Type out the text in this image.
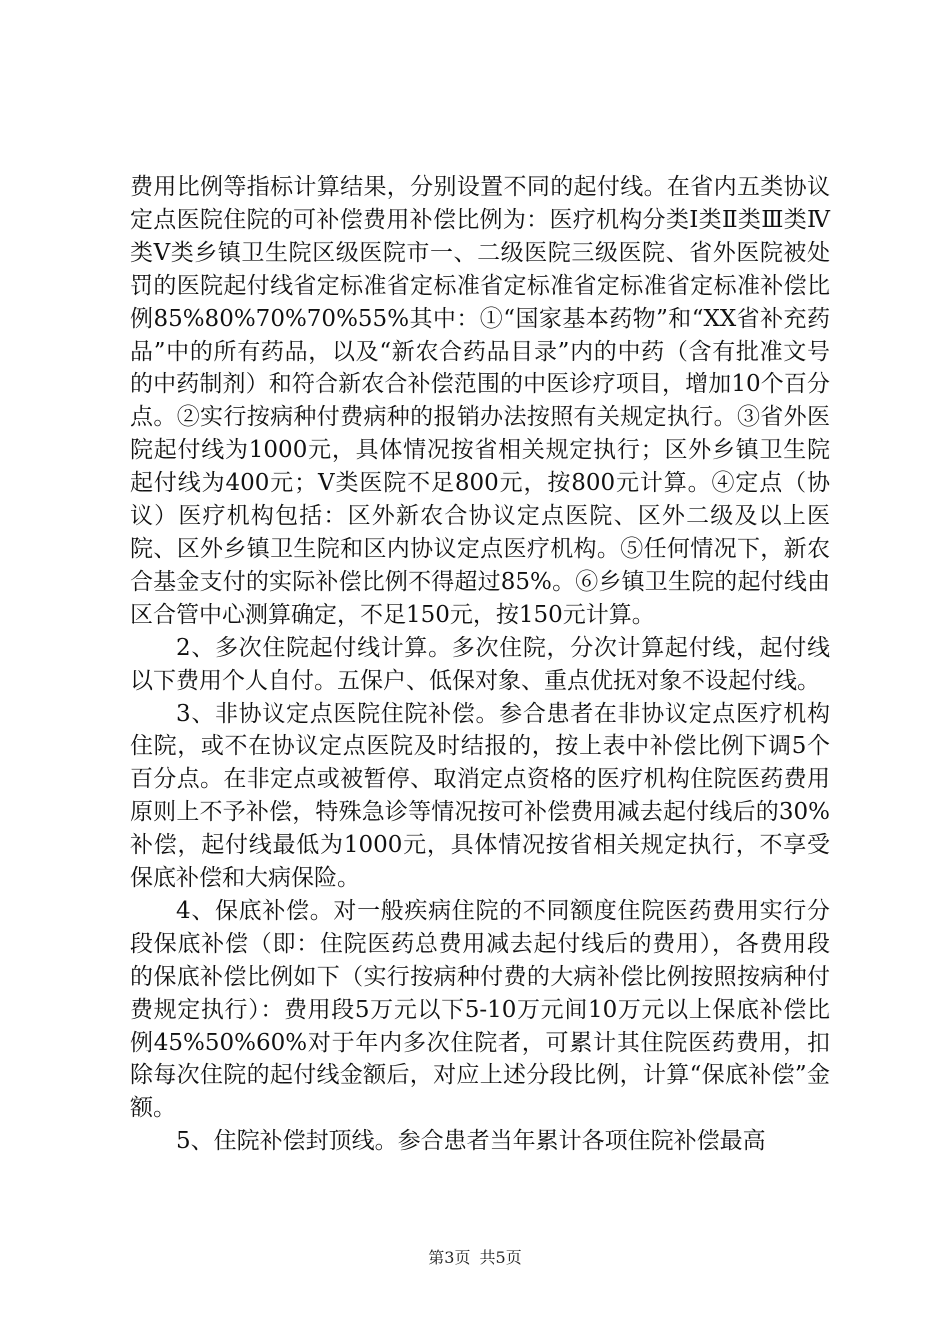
费用比例等指标计算结果，分别设置不同的起付线。在省内五类协议定点医院住院的可补偿费用补偿比例为：医疗机构分类Ⅰ类Ⅱ类Ⅲ类Ⅳ类Ⅴ类乡镇卫生院区级医院市一、二级医院三级医院、省外医院被处罚的医院起付线省定标准省定标准省定标准省定标准省定标准补偿比例85%80%70%70%55%其中：①“国家基本药物”和“XX省补充药品”中的所有药品，以及“新农合药品目录”内的中药（含有批准文号的中药制剂）和符合新农合补偿范围的中医诊疗项目，增加10个百分点。②实行按病种付费病种的报销办法按照有关规定执行。③省外医院起付线为1000元，具体情况按省相关规定执行；区外乡镇卫生院起付线为400元；Ⅴ类医院不足800元，按800元计算。④定点（协议）医疗机构包括：区外新农合协议定点医院、区外二级及以上医院、区外乡镇卫生院和区内协议定点医疗机构。⑤任何情况下，新农合基金支付的实际补偿比例不得超过85%。⑥乡镇卫生院的起付线由区合管中心测算确定，不足150元，按150元计算。

2、多次住院起付线计算。多次住院，分次计算起付线，起付线以下费用个人自付。五保户、低保对象、重点优抚对象不设起付线。

3、非协议定点医院住院补偿。参合患者在非协议定点医疗机构住院，或不在协议定点医院及时结报的，按上表中补偿比例下调5个百分点。在非定点或被暂停、取消定点资格的医疗机构住院医药费用原则上不予补偿，特殊急诊等情况按可补偿费用减去起付线后的30%补偿，起付线最低为1000元，具体情况按省相关规定执行，不享受保底补偿和大病保险。

4、保底补偿。对一般疾病住院的不同额度住院医药费用实行分段保底补偿（即：住院医药总费用减去起付线后的费用），各费用段的保底补偿比例如下（实行按病种付费的大病补偿比例按照按病种付费规定执行）：费用段5万元以下5-10万元间10万元以上保底补偿比例45%50%60%对于年内多次住院者，可累计其住院医药费用，扣除每次住院的起付线金额后，对应上述分段比例，计算“保底补偿”金额。

5、住院补偿封顶线。参合患者当年累计各项住院补偿最高

第3页 共5页
